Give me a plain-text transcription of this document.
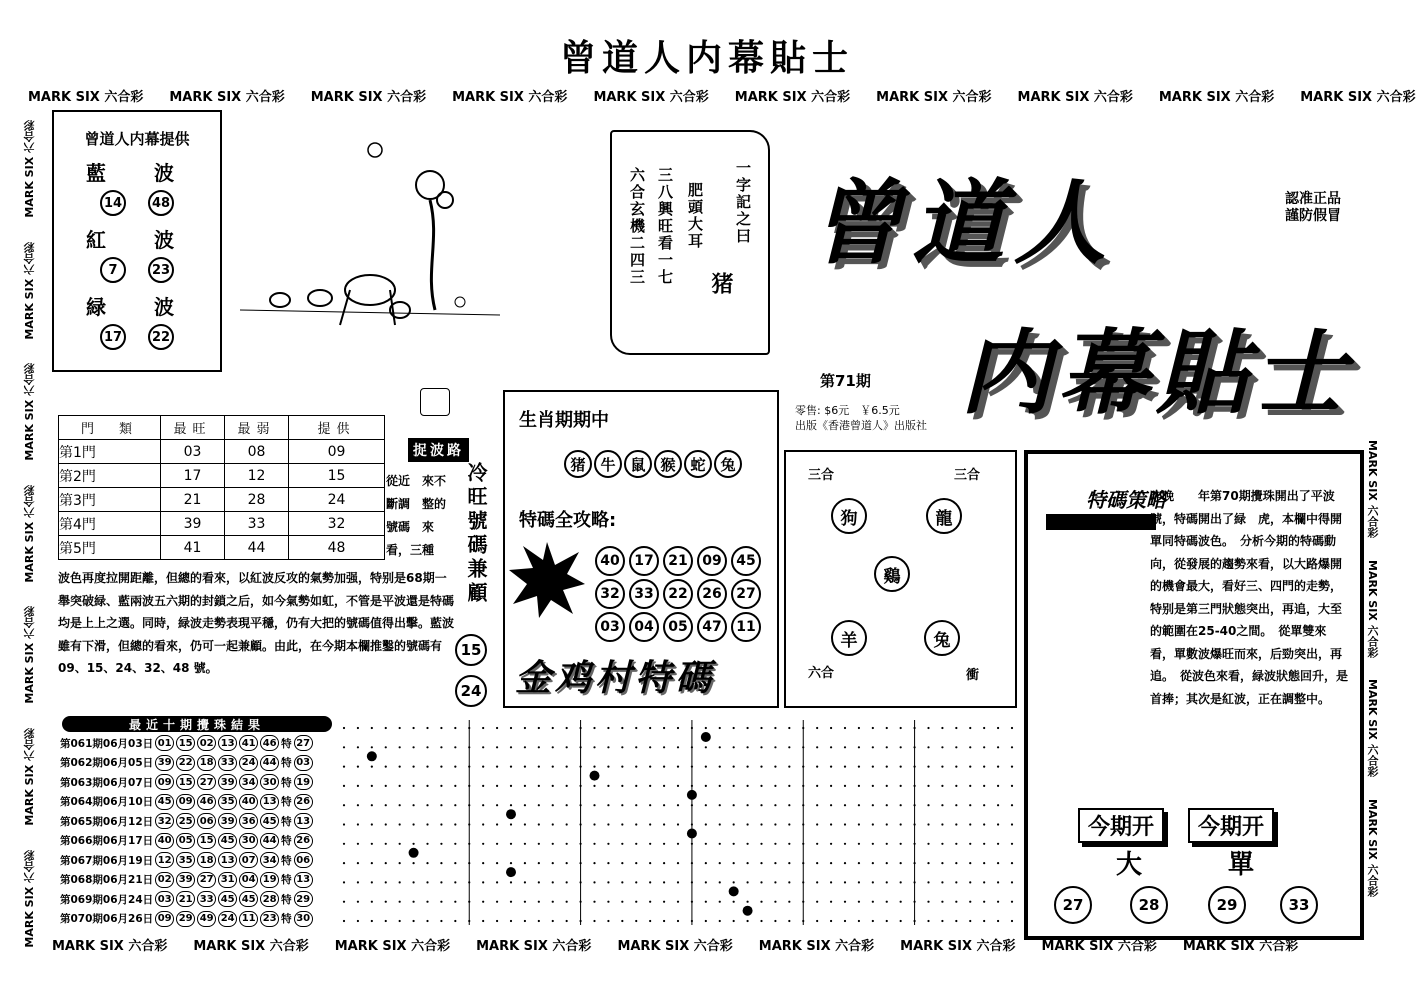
曾道人内幕貼士
MARK SIX 六合彩 MARK SIX 六合彩 MARK SIX 六合彩 MARK SIX 六合彩 MARK SIX 六合彩 MARK SIX 六合彩 MARK SIX 六合彩 MARK SIX 六合彩 MARK SIX 六合彩 MARK SIX 六合彩
MARK SIX 六合彩 MARK SIX 六合彩 MARK SIX 六合彩 MARK SIX 六合彩 MARK SIX 六合彩 MARK SIX 六合彩 MARK SIX 六合彩 MARK SIX 六合彩 MARK SIX 六合彩
MARK SIX 六合彩
MARK SIX 六合彩
MARK SIX 六合彩
MARK SIX 六合彩
MARK SIX 六合彩
MARK SIX 六合彩
MARK SIX 六合彩
MARK SIX 六合彩
MARK SIX 六合彩
MARK SIX 六合彩
MARK SIX 六合彩
曾道人内幕提供
藍　波
14	48
紅　波
7	23
緑　波
17	22
一字記之曰
猪
肥頭大耳
三八興旺看一七
六合玄機二四三 曾道人
内幕貼士
認准正品
謹防假冒
第71期
零售: $6元　￥6.5元
出版《香港曾道人》出版社
門　類	最旺	最弱	提供
第1門	03	08	09
第2門	17	12	15
第3門	21	28	24
第4門	39	33	32
第5門	41	44	48
捉波路
冷旺號碼兼顧
15
24
從近　來不斷調　整的號碼　來看，三種
波色再度拉開距離，但總的看來，以紅波反攻的氣勢加强，特别是68期一舉突破緑、藍兩波五六期的封鎖之后，如今氣勢如虹，不管是平波還是特碼均是上上之選。同時，緑波走勢表現平穩，仍有大把的號碼值得出擊。藍波雖有下滑，但總的看來，仍可一起兼顧。由此，在今期本欄推鑿的號碼有 09、15、24、32、48 號。
生肖期期中
猪 牛 鼠 猴 蛇 兔
特碼全攻略:
40	17	21	09	45
32	33	22	26	27
03	04	05	47	11
金鸡村特碼
三合	三合
六合	衝
狗	龍
鷄
羊	兔
特碼策略
今期开	今期开
大	單
27	28	29	33
昨晚　　年第70期攪珠開出了平波　　號，特碼開出了緑　虎，本欄中得開單同特碼波色。　分析今期的特碼動向，從發展的趨勢來看，以大路爆開的機會最大，看好三、四門的走勢，特别是第三門狀態突出，再追，大至的範圍在25-40之間。　從單雙來看，單數波爆旺而來，后勁突出，再追。　從波色來看，緑波狀態回升，是首捧；其次是紅波，正在調整中。
最近十期攪珠結果
第061期06月03日 01 15 02 13 41 46 特 27
第062期06月05日 39 22 18 33 24 44 特 03
第063期06月07日 09 15 27 39 34 30 特 19
第064期06月10日 45 09 46 35 40 13 特 26
第065期06月12日 32 25 06 39 36 45 特 13
第066期06月17日 40 05 15 45 30 44 特 26
第067期06月19日 12 35 18 13 07 34 特 06
第068期06月21日 02 39 27 31 04 19 特 13
第069期06月24日 03 21 33 45 45 28 特 29
第070期06月26日 09 29 49 24 11 23 特 30
